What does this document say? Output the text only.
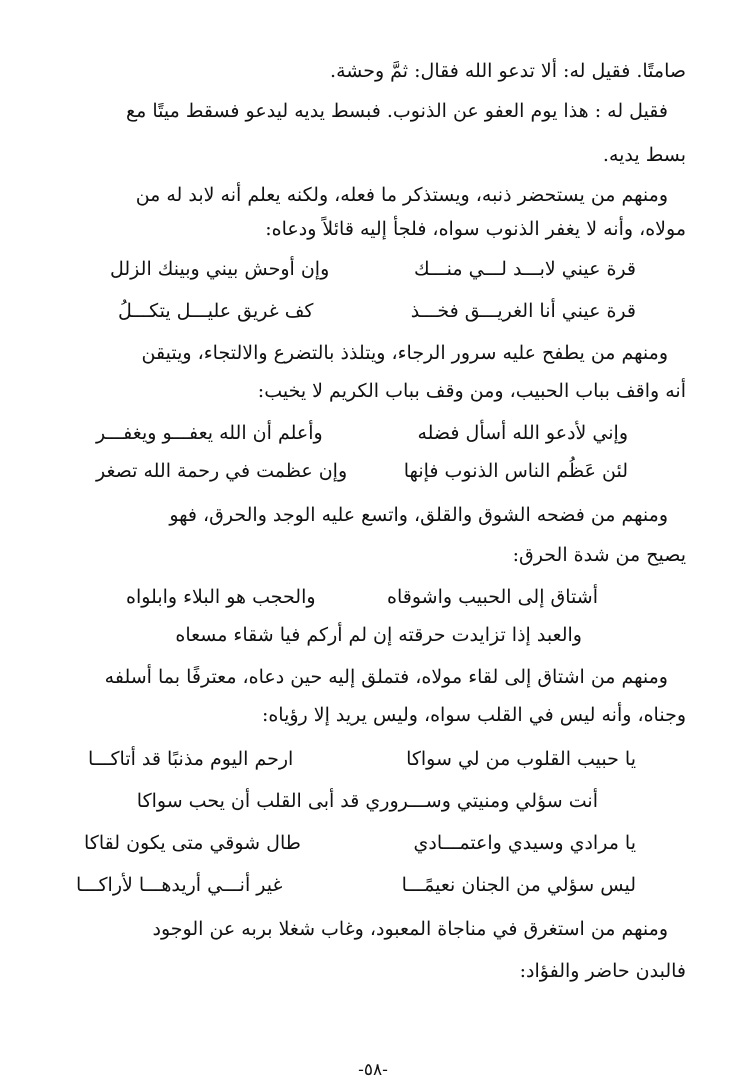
صامتًا. فقيل له: ألا تدعو الله فقال: ثمَّ وحشة.
فقيل له : هذا يوم العفو عن الذنوب. فبسط يديه ليدعو فسقط ميتًا مع
بسط يديه.
ومنهم من يستحضر ذنبه، ويستذكر ما فعله، ولكنه يعلم أنه لابد له من
مولاه، وأنه لا يغفر الذنوب سواه، فلجأ إليه قائلاً ودعاه:
قرة عيني لابـــد لـــي منـــك
وإن أوحش بيني وبينك الزلل
قرة عيني أنا الغريـــق فخـــذ
كف غريق عليـــل يتكـــلُ
ومنهم من يطفح عليه سرور الرجاء، ويتلذذ بالتضرع والالتجاء، ويتيقن
أنه واقف بباب الحبيب، ومن وقف بباب الكريم لا يخيب:
وإني لأدعو الله أسأل فضله
وأعلم أن الله يعفـــو ويغفـــر
لئن عَظُم الناس الذنوب فإنها
وإن عظمت في رحمة الله تصغر
ومنهم من فضحه الشوق والقلق، واتسع عليه الوجد والحرق، فهو
يصيح من شدة الحرق:
أشتاق إلى الحبيب واشوقاه
والحجب هو البلاء وابلواه
والعبد إذا تزايدت حرقته إن لم أركم فيا شقاء مسعاه
ومنهم من اشتاق إلى لقاء مولاه، فتملق إليه حين دعاه، معترفًا بما أسلفه
وجناه، وأنه ليس في القلب سواه، وليس يريد إلا رؤياه:
يا حبيب القلوب من لي سواكا
ارحم اليوم مذنبًا قد أتاكـــا
أنت سؤلي ومنيتي وســـروري قد أبى القلب أن يحب سواكا
يا مرادي وسيدي واعتمـــادي
طال شوقي متى يكون لقاكا
ليس سؤلي من الجنان نعيمًـــا
غير أنـــي أريدهـــا لأراكـــا
ومنهم من استغرق في مناجاة المعبود، وغاب شغلا بربه عن الوجود
فالبدن حاضر والفؤاد:
-٥٨-
